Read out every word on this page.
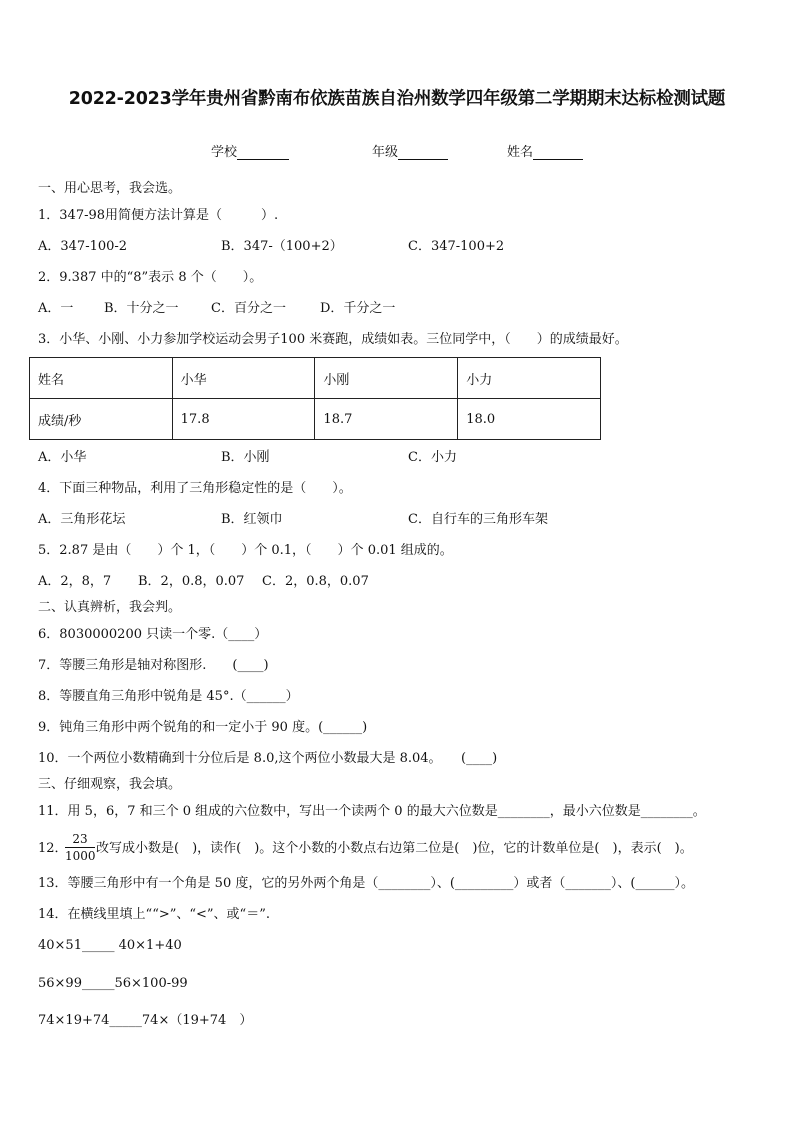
2022-2023学年贵州省黔南布依族苗族自治州数学四年级第二学期期末达标检测试题
学校	年级	姓名
一、用心思考，我会选。
1．347-98用简便方法计算是（　　　）.
A．347-100-2	B．347-（100+2）	C．347-100+2
2．9.387 中的“8”表示 8 个（　　）。
A．一 B．十分之一 C．百分之一	D．千分之一
3．小华、小刚、小力参加学校运动会男子100 米赛跑，成绩如表。三位同学中，（　　）的成绩最好。
姓名	小华	小刚	小力
成绩/秒	17.8	18.7	18.0
A．小华	B．小刚	C．小力
4．下面三种物品，利用了三角形稳定性的是（　　）。
A．三角形花坛	B．红领巾	C．自行车的三角形车架
5．2.87 是由（　　）个 1，（　　）个 0.1，（　　）个 0.01 组成的。
A．2，8，7 B．2，0.8，0.07 C．2，0.8，0.07
二、认真辨析，我会判。
6．8030000200 只读一个零.（____）
7．等腰三角形是轴对称图形.　　(____)
8．等腰直角三角形中锐角是 45°.（______）
9．钝角三角形中两个锐角的和一定小于 90 度。(______)
10．一个两位小数精确到十分位后是 8.0,这个两位小数最大是 8.04。　　(____)
三、仔细观察，我会填。
11．用 5，6，7 和三个 0 组成的六位数中，写出一个读两个 0 的最大六位数是________，最小六位数是________。
12．
$\frac{23}{1000}$ 改写成小数是(　)，读作(　)。这个小数的小数点右边第二位是(　)位，它的计数单位是(　)，表示(　)。
13．等腰三角形中有一个角是 50 度，它的另外两个角是（________）、(_________）或者（_______）、(______）。
14．在横线里填上““>”、“<”、或“＝”.
40×51_____ 40×1+40
56×99_____56×100-99
74×19+74_____74×（19+74　）
